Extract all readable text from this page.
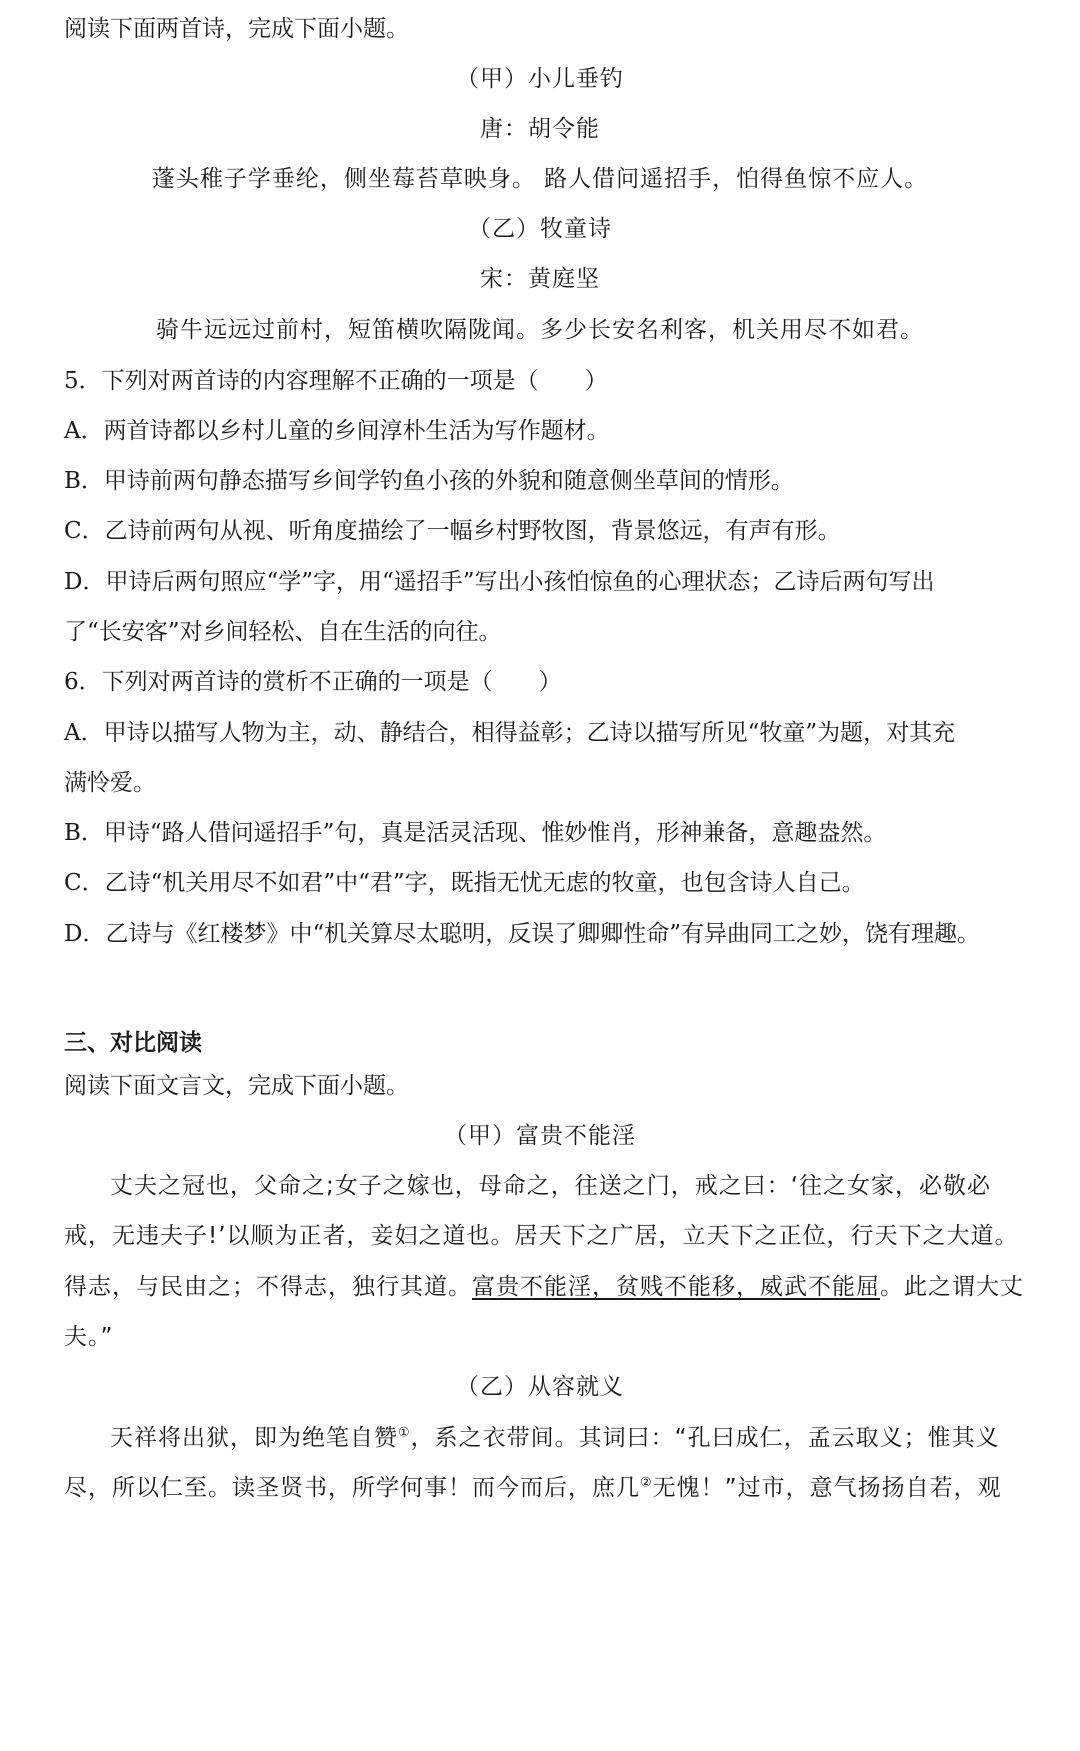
阅读下面两首诗，完成下面小题。
（甲）小儿垂钓
唐：胡令能
蓬头稚子学垂纶，侧坐莓苔草映身。 路人借问遥招手，怕得鱼惊不应人。
（乙）牧童诗
宋：黄庭坚
骑牛远远过前村，短笛横吹隔陇闻。多少长安名利客，机关用尽不如君。
5．下列对两首诗的内容理解不正确的一项是（　　）
A．两首诗都以乡村儿童的乡间淳朴生活为写作题材。
B．甲诗前两句静态描写乡间学钓鱼小孩的外貌和随意侧坐草间的情形。
C．乙诗前两句从视、听角度描绘了一幅乡村野牧图，背景悠远，有声有形。
D．甲诗后两句照应“学”字，用“遥招手”写出小孩怕惊鱼的心理状态；乙诗后两句写出
了“长安客”对乡间轻松、自在生活的向往。
6．下列对两首诗的赏析不正确的一项是（　　）
A．甲诗以描写人物为主，动、静结合，相得益彰；乙诗以描写所见“牧童”为题，对其充
满怜爱。
B．甲诗“路人借问遥招手”句，真是活灵活现、惟妙惟肖，形神兼备，意趣盎然。
C．乙诗“机关用尽不如君”中“君”字，既指无忧无虑的牧童，也包含诗人自己。
D．乙诗与《红楼梦》中“机关算尽太聪明，反误了卿卿性命”有异曲同工之妙，饶有理趣。
三、对比阅读
阅读下面文言文，完成下面小题。
（甲）富贵不能淫
丈夫之冠也，父命之;女子之嫁也，母命之，往送之门，戒之曰：‘往之女家，必敬必
戒，无违夫子!’以顺为正者，妾妇之道也。居天下之广居，立天下之正位，行天下之大道。
得志，与民由之；不得志，独行其道。富贵不能淫，贫贱不能移，威武不能屈。此之谓大丈
夫。”
（乙）从容就义
天祥将出狱，即为绝笔自赞①，系之衣带间。其词曰：“孔曰成仁，孟云取义；惟其义
尽，所以仁至。读圣贤书，所学何事！而今而后，庶几②无愧！”过市，意气扬扬自若，观
